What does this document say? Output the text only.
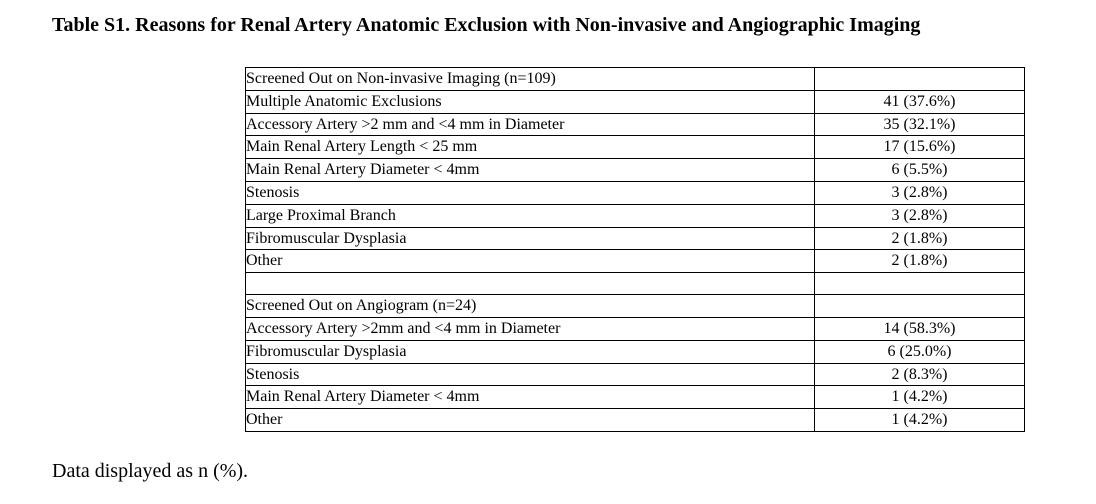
Table S1. Reasons for Renal Artery Anatomic Exclusion with Non-invasive and Angiographic Imaging
Screened Out on Non-invasive Imaging (n=109)	
Multiple Anatomic Exclusions	41 (37.6%)
Accessory Artery >2 mm and <4 mm in Diameter	35 (32.1%)
Main Renal Artery Length < 25 mm	17 (15.6%)
Main Renal Artery Diameter < 4mm	6 (5.5%)
Stenosis	3 (2.8%)
Large Proximal Branch	3 (2.8%)
Fibromuscular Dysplasia	2 (1.8%)
Other	2 (1.8%)

Screened Out on Angiogram (n=24)	
Accessory Artery >2mm and <4 mm in Diameter	14 (58.3%)
Fibromuscular Dysplasia	6 (25.0%)
Stenosis	2 (8.3%)
Main Renal Artery Diameter < 4mm	1 (4.2%)
Other	1 (4.2%)
Data displayed as n (%).
